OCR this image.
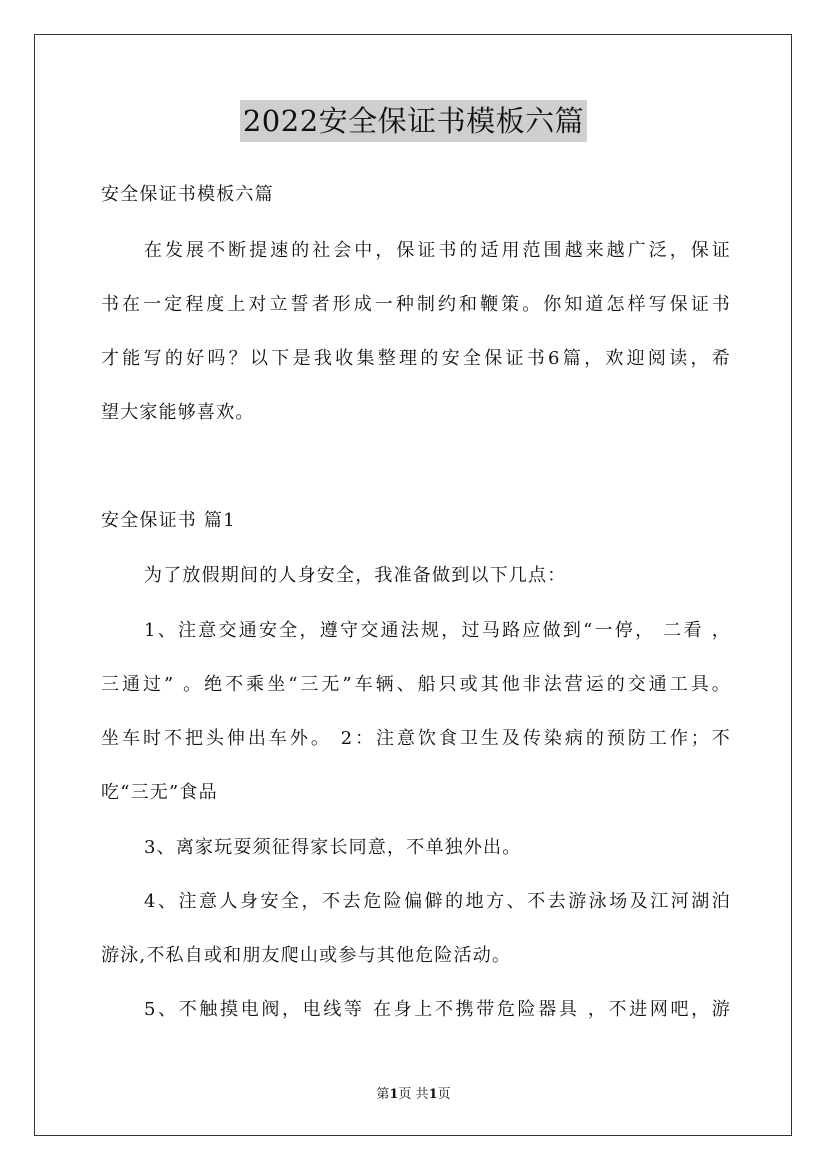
2022安全保证书模板六篇
安全保证书模板六篇
在发展不断提速的社会中，保证书的适用范围越来越广泛，保证
书在一定程度上对立誓者形成一种制约和鞭策。你知道怎样写保证书
才能写的好吗？以下是我收集整理的安全保证书6篇，欢迎阅读，希
望大家能够喜欢。
安全保证书 篇1
为了放假期间的人身安全，我准备做到以下几点：
1、注意交通安全，遵守交通法规，过马路应做到“一停， 二看 ，
三通过” 。绝不乘坐“三无”车辆、船只或其他非法营运的交通工具。
坐车时不把头伸出车外。 2：注意饮食卫生及传染病的预防工作；不
吃“三无”食品
3、离家玩耍须征得家长同意，不单独外出。
4、注意人身安全，不去危险偏僻的地方、不去游泳场及江河湖泊
游泳,不私自或和朋友爬山或参与其他危险活动。
5、不触摸电阀，电线等 在身上不携带危险器具 ，不进网吧，游
第1页 共1页
